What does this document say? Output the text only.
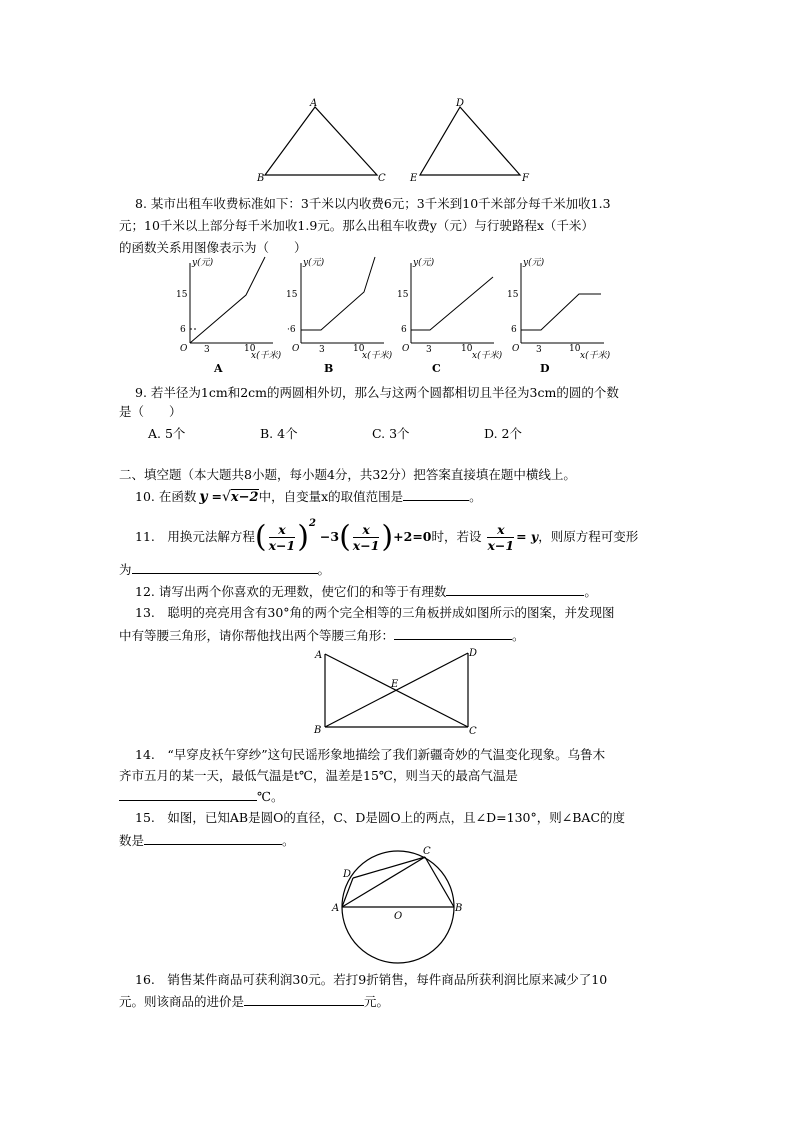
A
B	C
D
E	F
8. 某市出租车收费标准如下：3千米以内收费6元；3千米到10千米部分每千米加收1.3
元；10千米以上部分每千米加收1.9元。那么出租车收费y（元）与行驶路程x（千米）
的函数关系用图像表示为（　　）
y(元)
15
6
O 3	10
x(千米)
A
y(元)
15
·6
O 3	10
x(千米)
B
y(元)
15
6
O 3	10
x(千米)
C
y(元)
15
6
O 3	10
x(千米)
D
9. 若半径为1cm和2cm的两圆相外切，那么与这两个圆都相切且半径为3cm的圆的个数
是（　　）
A. 5个	B. 4个	C. 3个	D. 2个
二、填空题（本大题共8小题，每小题4分，共32分）把答案直接填在题中横线上。
10. 在函数 y =√x−2中，自变量x的取值范围是	。
11.　用换元法解方程( $\frac{x}{x-1} )^2 -3( \frac{x}{x-1} )+2=0$时，若设 $\frac{x}{x-1} = y$，则原方程可变形
为	。
12. 请写出两个你喜欢的无理数，使它们的和等于有理数	。
13.　聪明的亮亮用含有30°角的两个完全相等的三角板拼成如图所示的图案，并发现图
中有等腰三角形，请你帮他找出两个等腰三角形：	。
A
B	C
D
E
14.　“早穿皮袄午穿纱”这句民谣形象地描绘了我们新疆奇妙的气温变化现象。乌鲁木
齐市五月的某一天，最低气温是t℃，温差是15℃，则当天的最高气温是
℃。
15.　如图，已知AB是圆O的直径，C、D是圆O上的两点，且∠D=130°，则∠BAC的度
数是	。
A	B
C
D
O
16.　销售某件商品可获利润30元。若打9折销售，每件商品所获利润比原来减少了10
元。则该商品的进价是	元。
